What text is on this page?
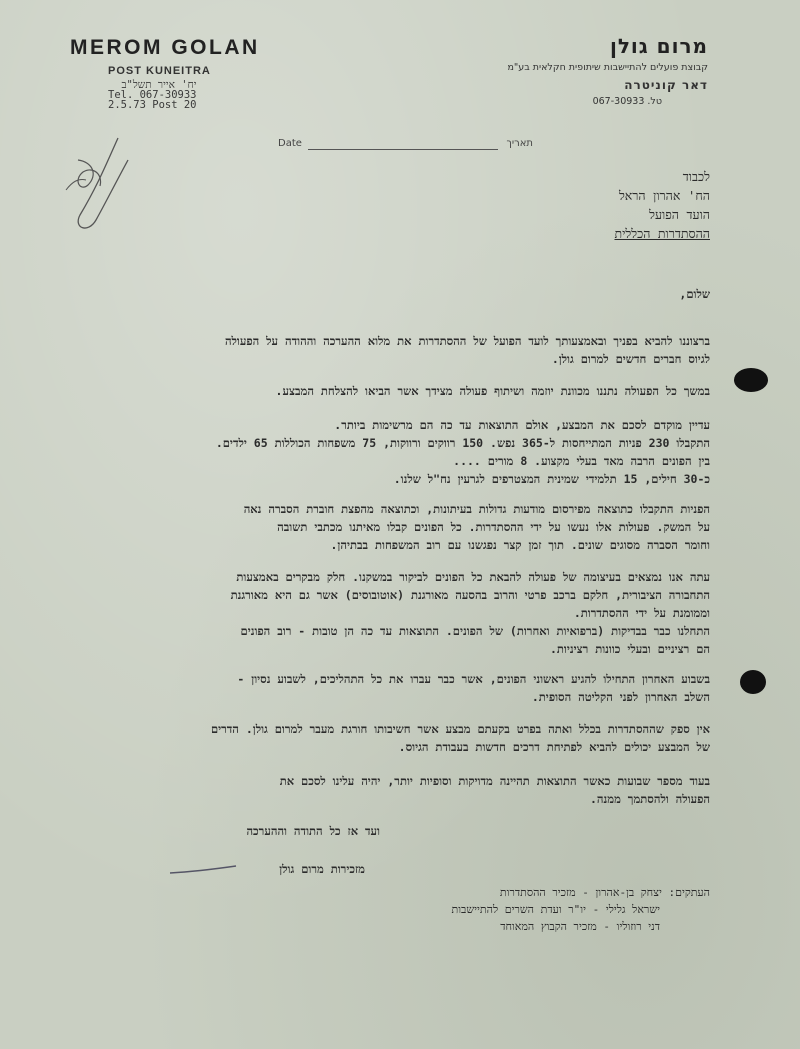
MEROM GOLAN
POST KUNEITRA
יח' אייר תשל"ב
Tel. 067-30933
2.5.73 Post 20
מרום גולן
קבוצת פועלים להתיישבות שיתופית חקלאית בע"מ
דאר קוניטרה
טל. 067-30933
Date	תאריך
לכבוד
הח' אהרון הראל
הועד הפועל
ההסתדרות הכללית
שלום,

ברצוננו להביא בפניך ובאמצעותך לועד הפועל של ההסתדרות את מלוא ההערכה וההודה על הפעולה

לגיוס חברים חדשים למרום גולן.

במשך כל הפעולה נתננו מכוונת יוזמה ושיתוף פעולה מצידך אשר הביאו להצלחת המבצע.

עדיין מוקדם לסכם את המבצע, אולם התוצאות עד כה הם מרשימות ביותר.

התקבלו 230 פניות המתייחסות ל-365 נפש. 150 רווקים ורווקות, 75 משפחות הכוללות 65 ילדים.

בין הפונים הרבה מאד בעלי מקצוע. 8 מורים ....

כ-30 חילים, 15 תלמידי שמינית המצטרפים לגרעין נח"ל שלנו.

הפניות התקבלו כתוצאה מפירסום מודעות גדולות בעיתונות, וכתוצאה מהפצת חוברת הסברה נאה

על המשק. פעולות אלו נעשו על ידי ההסתדרות. כל הפונים קבלו מאיתנו מכתבי תשובה

וחומר הסברה מסוגים שונים. תוך זמן קצר נפגשנו עם רוב המשפחות בבתיהן.

עתה אנו נמצאים בעיצומה של פעולה להבאת כל הפונים לביקור במשקנו. חלק מבקרים באמצעות

התחבורה הציבורית, חלקם ברכב פרטי והרוב בהסעה מאורגנת (אוטובוסים) אשר גם היא מאורגנת

וממומנת על ידי ההסתדרות.

התחלנו כבר בבדיקות (ברפואיות ואחרות) של הפונים. התוצאות עד כה הן טובות - רוב הפונים

הם רציניים ובעלי כוונות רציניות.

בשבוע האחרון התחילו להגיע ראשוני הפונים, אשר כבר עברו את כל התהליכים, לשבוע נסיון -

השלב האחרון לפני הקליטה הסופית.

אין ספק שההסתדרות בכלל ואתה בפרט בקעתם מבצע אשר חשיבותו חורגת מעבר למרום גולן. הדרים

של המבצע יכולים להביא לפתיחת דרכים חדשות בעבודת הגיוס.

בעוד מספר שבועות כאשר התוצאות תהיינה מדויקות וסופיות יותר, יהיה עלינו לסכם את

הפעולה ולהסתמך ממנה.

ועד אז כל התודה וההערכה
מזכירות מרום גולן

העתקים: יצחק בן-אהרון - מזכיר ההסתדרות

ישראל גלילי - יו"ר ועדת השרים להתיישבות

דני רוזוליו - מזכיר הקבוץ המאוחד
